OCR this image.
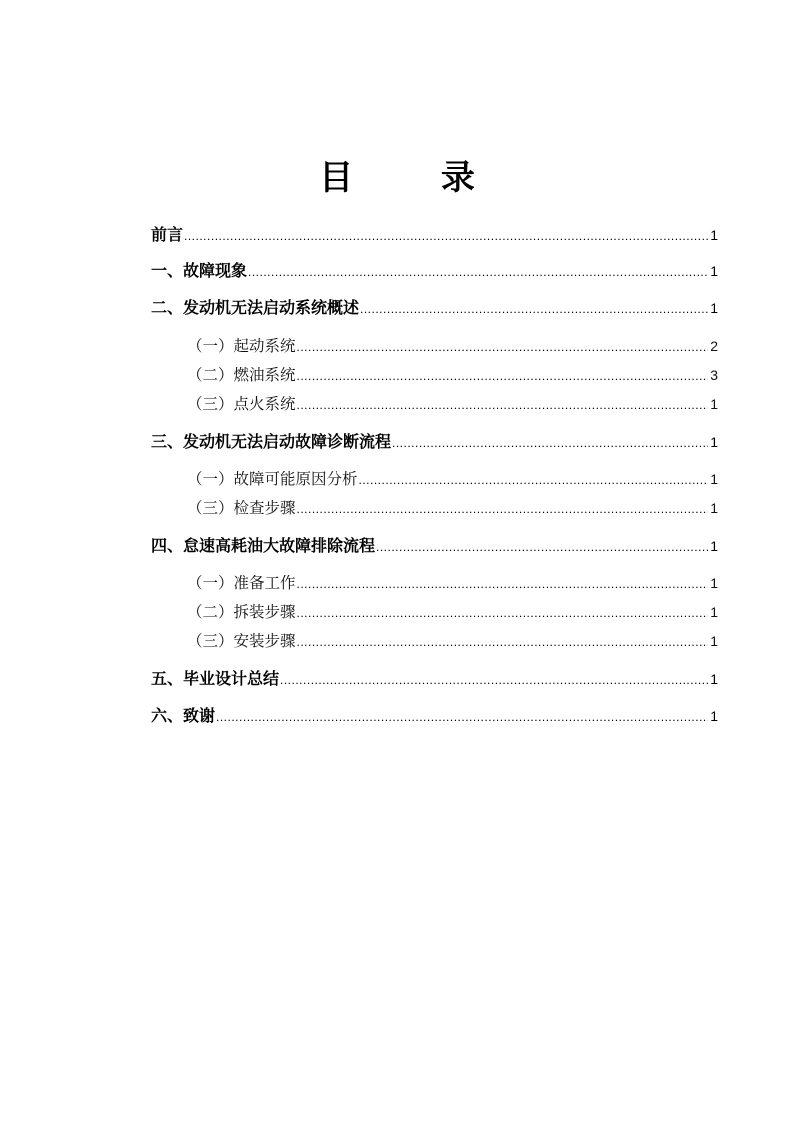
目 录
前言 .....	1
一、故障现象 .....	1
二、发动机无法启动系统概述 .....	1
（一）起动系统 .....	2
（二）燃油系统 .....	3
（三）点火系统 .....	1
三、发动机无法启动故障诊断流程 .....	1
（一）故障可能原因分析 .....	1
（三）检查步骤 .....	1
四、怠速高耗油大故障排除流程 .....	1
（一）准备工作 .....	1
（二）拆装步骤 .....	1
（三）安装步骤 .....	1
五、毕业设计总结 .....	1
六、致谢 .....	1
